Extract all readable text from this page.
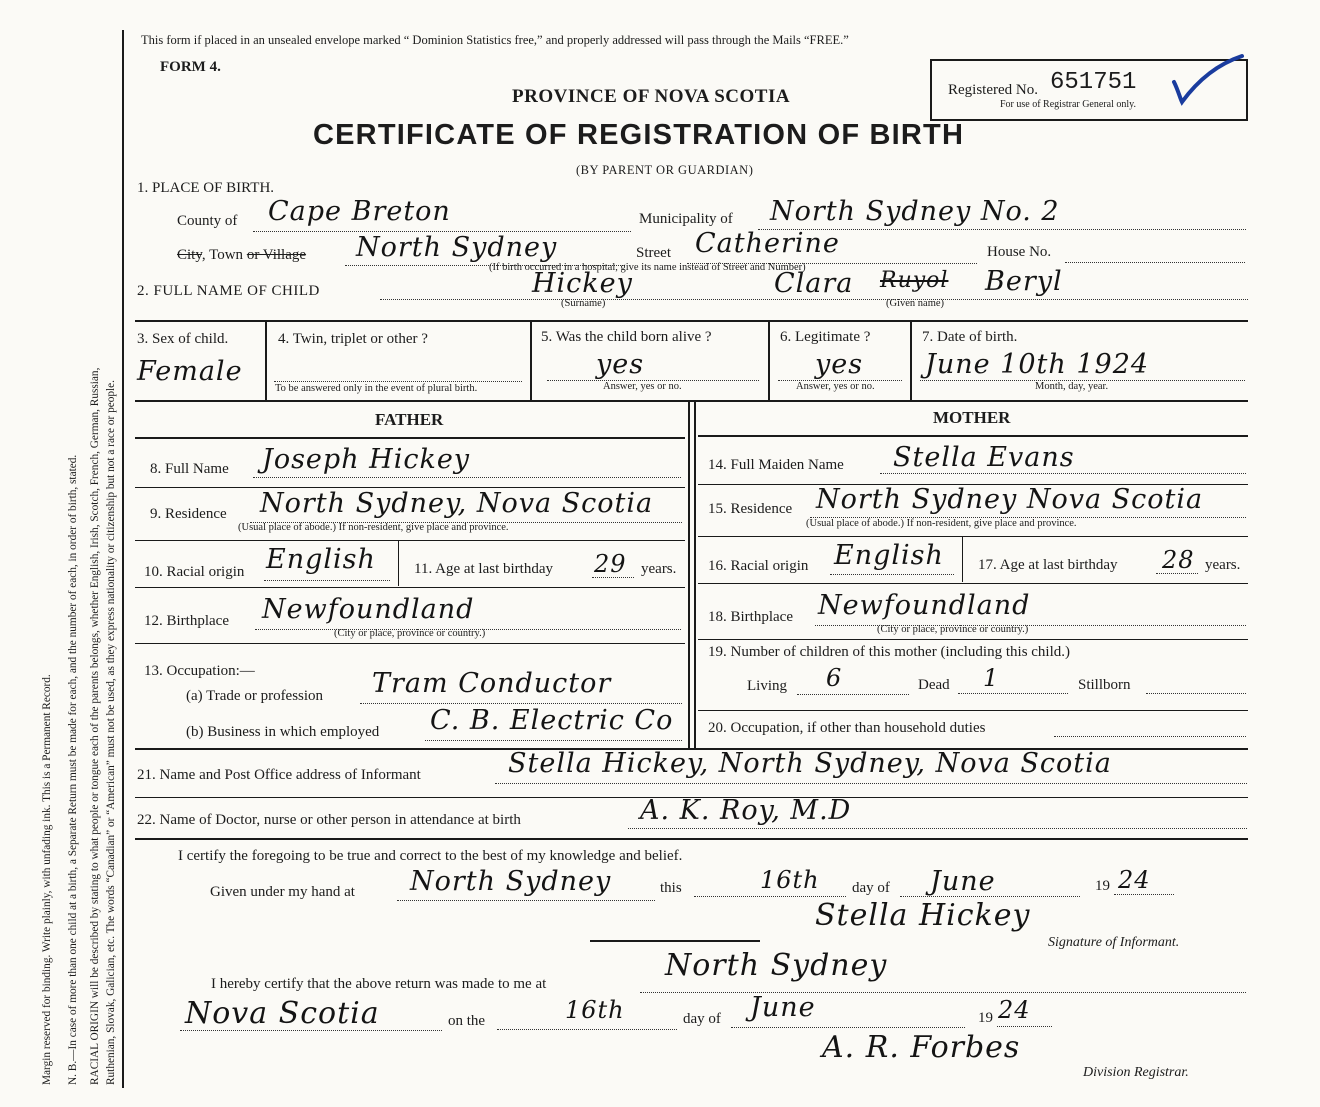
Margin reserved for binding. Write plainly, with unfading ink. This is a Permanent Record. N. B.—In case of more than one child at a birth, a Separate Return must be made for each, and the number of each, in order of birth, stated. RACIAL ORIGIN will be described by stating to what people or tongue each of the parents belongs, whether English, Irish, Scotch, French, German, Russian, Ruthenian, Slovak, Galician, etc. The words “Canadian” or “American” must not be used, as they express nationality or citizenship but not a race or people.
This form if placed in an unsealed envelope marked “ Dominion Statistics free,” and properly addressed will pass through the Mails “FREE.”
FORM 4.
PROVINCE OF NOVA SCOTIA
CERTIFICATE OF REGISTRATION OF BIRTH
(BY PARENT OR GUARDIAN)
Registered No. 651751
For use of Registrar General only.
1. PLACE OF BIRTH.
County of Cape Breton	Municipality of North Sydney No. 2
City, Town or Village North Sydney	Street Catherine	House No.
(If birth occurred in a hospital, give its name instead of Street and Number)
2. FULL NAME OF CHILD	Hickey
(Surname)
Clara Ruyol Beryl
(Given name)
3. Sex of child.
Female
4. Twin, triplet or other ?
To be answered only in the event of plural birth.
5. Was the child born alive ?
yes
Answer, yes or no.
6. Legitimate ?
yes
Answer, yes or no.
7. Date of birth.
June 10th 1924
Month, day, year.
FATHER	MOTHER
8. Full Name Joseph Hickey
9. Residence North Sydney, Nova Scotia
(Usual place of abode.) If non-resident, give place and province.
10. Racial origin English	11. Age at last birthday 29 years.
12. Birthplace Newfoundland
(City or place, province or country.)
13. Occupation:—
(a) Trade or profession Tram Conductor
(b) Business in which employed C. B. Electric Co
14. Full Maiden Name Stella Evans
15. Residence North Sydney Nova Scotia
(Usual place of abode.) If non-resident, give place and province.
16. Racial origin English 17. Age at last birthday 28 years.
18. Birthplace Newfoundland
(City or place, province or country.)
19. Number of children of this mother (including this child.)
Living 6	Dead 1	Stillborn
20. Occupation, if other than household duties
21. Name and Post Office address of Informant	Stella Hickey, North Sydney, Nova Scotia
22. Name of Doctor, nurse or other person in attendance at birth	A. K. Roy, M.D
I certify the foregoing to be true and correct to the best of my knowledge and belief.
Given under my hand at North Sydney	this	16th day of June	19 24
Stella Hickey
Signature of Informant.
I hereby certify that the above return was made to me at
North Sydney
Nova Scotia	on the	16th	day of June	19 24
A. R. Forbes
Division Registrar.
